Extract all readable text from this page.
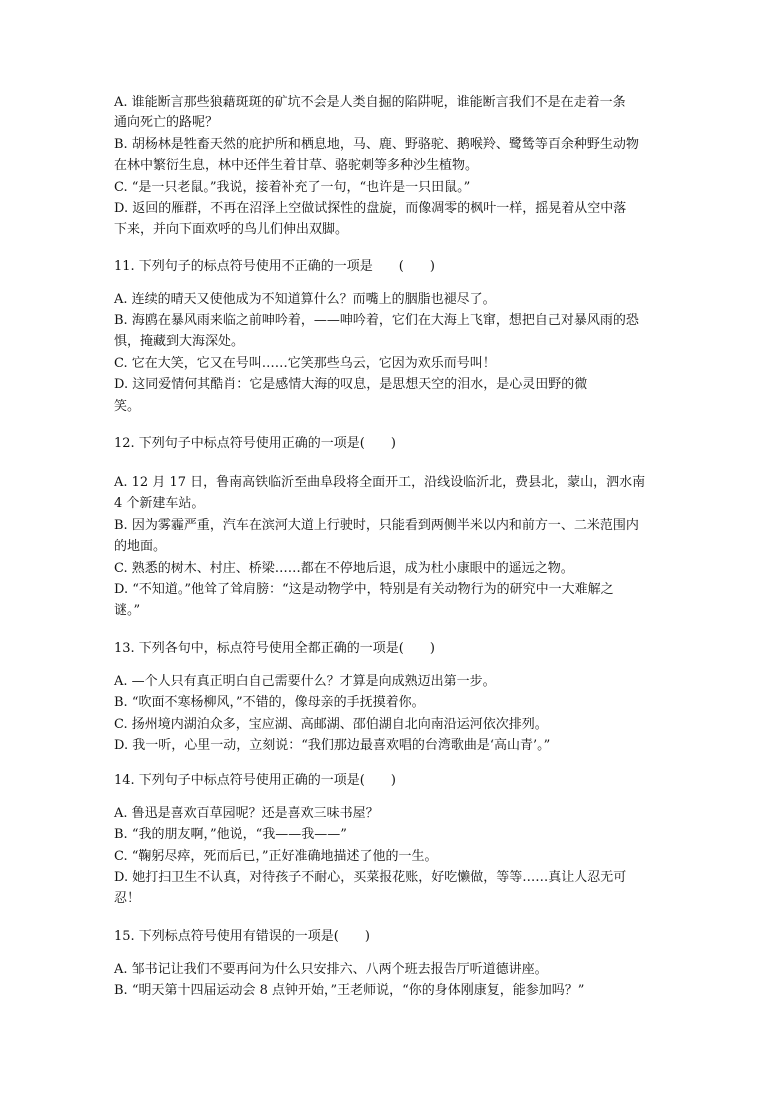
A. 谁能断言那些狼藉斑斑的矿坑不会是人类自掘的陷阱呢，谁能断言我们不是在走着一条
通向死亡的路呢？
B. 胡杨林是牲畜天然的庇护所和栖息地，马、鹿、野骆驼、鹅喉羚、鹭鸶等百余种野生动物
在林中繁衍生息，林中还伴生着甘草、骆驼刺等多种沙生植物。
C. “是一只老鼠。”我说，接着补充了一句，“也许是一只田鼠。”
D. 返回的雁群，不再在沼泽上空做试探性的盘旋，而像凋零的枫叶一样，摇晃着从空中落
下来，并向下面欢呼的鸟儿们伸出双脚。
11. 下列句子的标点符号使用不正确的一项是　　(　　)
A. 连续的晴天又使他成为不知道算什么？而嘴上的胭脂也褪尽了。
B. 海鸥在暴风雨来临之前呻吟着，——呻吟着，它们在大海上飞窜，想把自己对暴风雨的恐
惧，掩藏到大海深处。
C. 它在大笑，它又在号叫……它笑那些乌云，它因为欢乐而号叫！
D. 这同爱情何其酷肖：它是感情大海的叹息，是思想天空的泪水，是心灵田野的微
笑。
12. 下列句子中标点符号使用正确的一项是(　　)
A. 12 月 17 日，鲁南高铁临沂至曲阜段将全面开工，沿线设临沂北，费县北，蒙山，泗水南
4 个新建车站。
B. 因为雾霾严重，汽车在滨河大道上行驶时，只能看到两侧半米以内和前方一、二米范围内
的地面。
C. 熟悉的树木、村庄、桥梁……都在不停地后退，成为杜小康眼中的遥远之物。
D. “不知道。”他耸了耸肩膀：“这是动物学中，特别是有关动物行为的研究中一大难解之
谜。”
13. 下列各句中，标点符号使用全都正确的一项是(　　)
A. —个人只有真正明白自己需要什么？才算是向成熟迈出第一步。
B. “吹面不寒杨柳风，”不错的，像母亲的手抚摸着你。
C. 扬州境内湖泊众多，宝应湖、高邮湖、邵伯湖自北向南沿运河依次排列。
D. 我一听，心里一动，立刻说：“我们那边最喜欢唱的台湾歌曲是‘高山青’。”
14. 下列句子中标点符号使用正确的一项是(　　)
A. 鲁迅是喜欢百草园呢？还是喜欢三味书屋？
B. “我的朋友啊，”他说，“我——我——”
C. “鞠躬尽瘁，死而后已，”正好准确地描述了他的一生。
D. 她打扫卫生不认真，对待孩子不耐心，买菜报花账，好吃懒做，等等……真让人忍无可
忍！
15. 下列标点符号使用有错误的一项是(　　)
A. 邹书记让我们不要再问为什么只安排六、八两个班去报告厅听道德讲座。
B. “明天第十四届运动会 8 点钟开始，”王老师说，“你的身体刚康复，能参加吗？”
